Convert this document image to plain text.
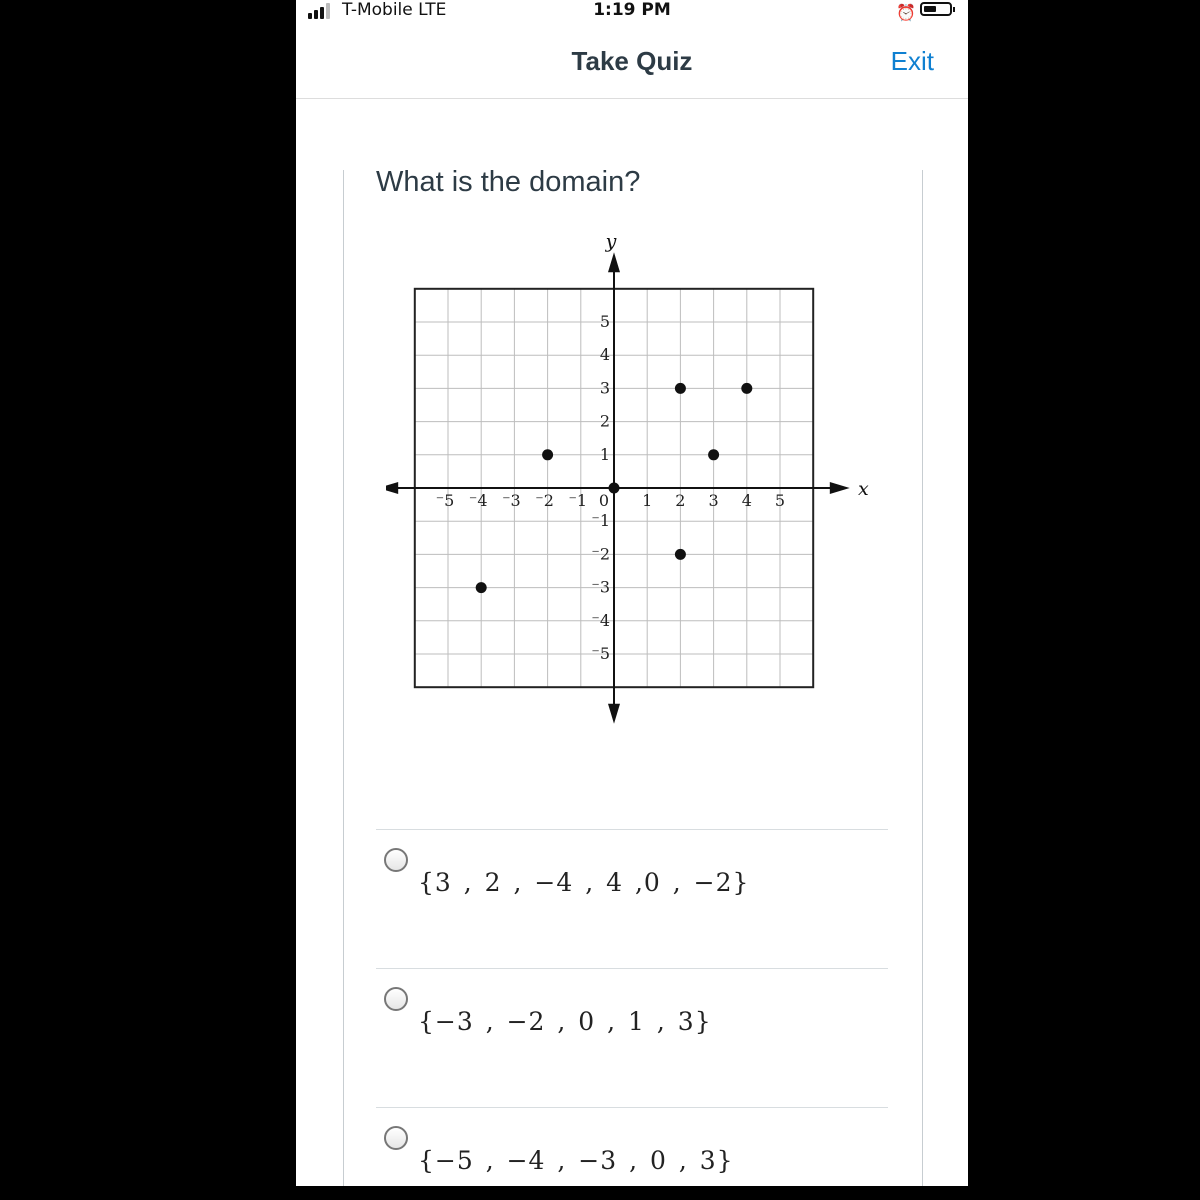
T-Mobile LTE	1:19 PM	⏰
Take Quiz	Exit
What is the domain?
x
y
⁻5 ⁻4 ⁻3 ⁻2 ⁻1 0 1 2 3 4 5
5
4
3
2
1
⁻1
⁻2
⁻3
⁻4
⁻5
{3 , 2 , −4 , 4 ,0 , −2}
{−3 , −2 , 0 , 1 , 3}
{−5 , −4 , −3 , 0 , 3}
